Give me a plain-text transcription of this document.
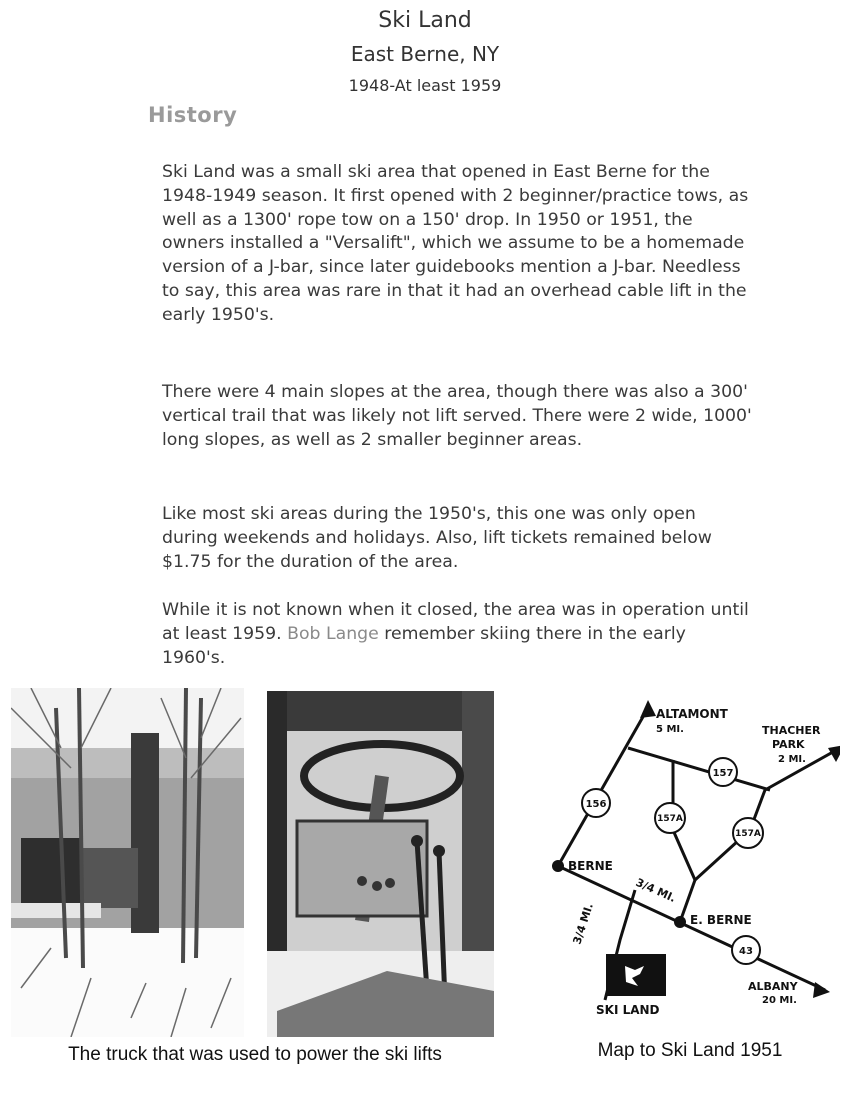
Ski Land
East Berne, NY
1948-At least 1959
History

Ski Land was a small ski area that opened in East Berne for the 1948-1949 season. It first opened with 2 beginner/practice tows, as well as a 1300' rope tow on a 150' drop. In 1950 or 1951, the owners installed a "Versalift", which we assume to be a homemade version of a J-bar, since later guidebooks mention a J-bar. Needless to say, this area was rare in that it had an overhead cable lift in the early 1950's.

There were 4 main slopes at the area, though there was also a 300' vertical trail that was likely not lift served. There were 2 wide, 1000' long slopes, as well as 2 smaller beginner areas.

Like most ski areas during the 1950's, this one was only open during weekends and holidays. Also, lift tickets remained below $1.75 for the duration of the area.

While it is not known when it closed, the area was in operation until at least 1959. Bob Lange remember skiing there in the early 1960's.

ALTAMONT
5 MI.	THACHER
PARK
2 MI.
157
156
157A
157A
BERNE
3/4 MI.
E. BERNE
3/4 MI.
43
ALBANY
20 MI.
SKI LAND
The truck that was used to power the ski lifts	Map to Ski Land 1951
